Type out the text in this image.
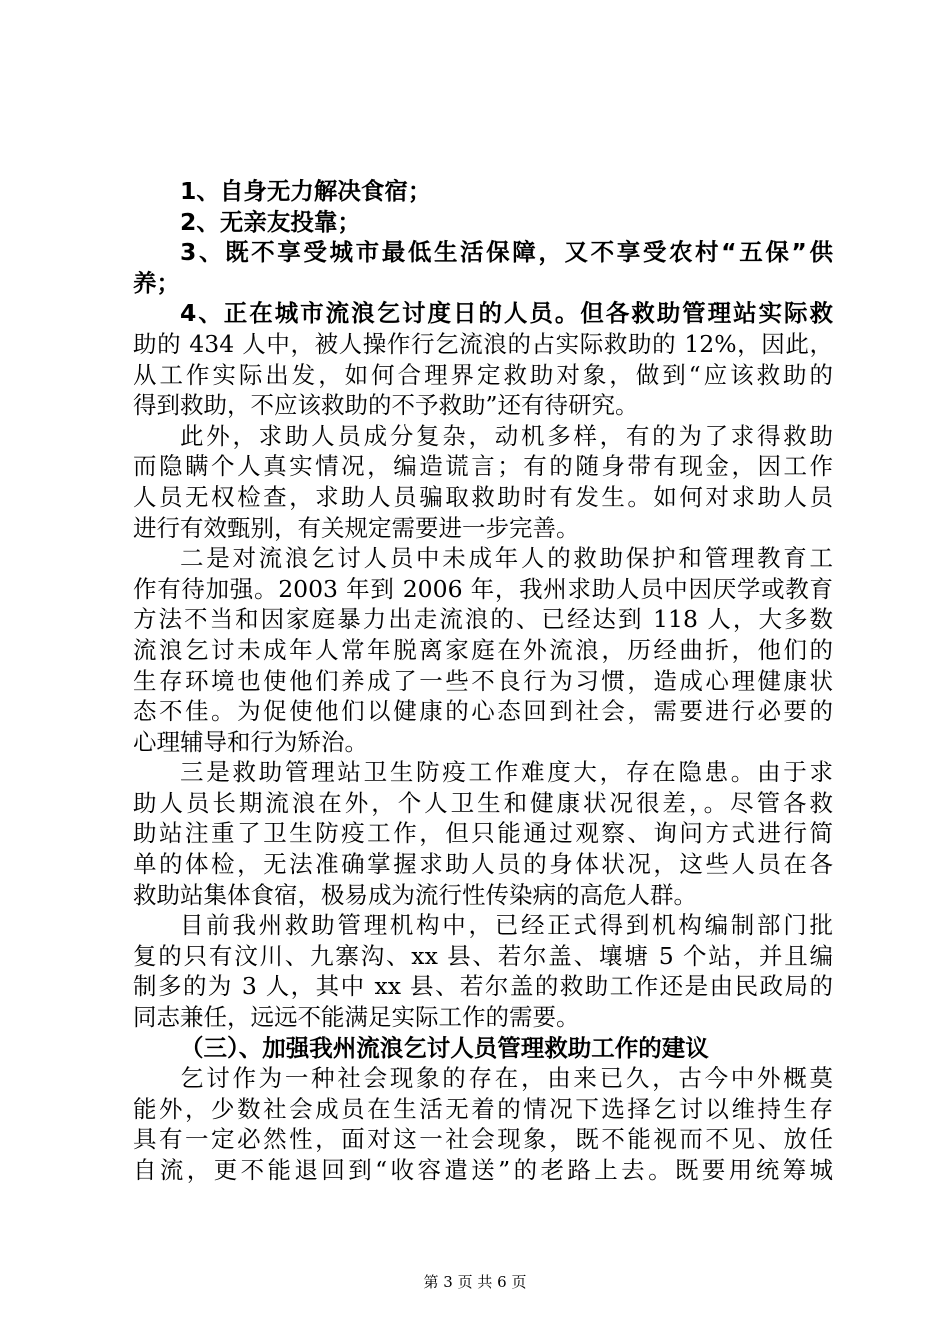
1、自身无力解决食宿；
2、无亲友投靠；
3、既不享受城市最低生活保障，又不享受农村“五保”供
养；
4、正在城市流浪乞讨度日的人员。但各救助管理站实际救
助的 434 人中，被人操作行乞流浪的占实际救助的 12%，因此，
从工作实际出发，如何合理界定救助对象，做到“应该救助的
得到救助，不应该救助的不予救助”还有待研究。
此外，求助人员成分复杂，动机多样，有的为了求得救助
而隐瞒个人真实情况，编造谎言；有的随身带有现金，因工作
人员无权检查，求助人员骗取救助时有发生。如何对求助人员
进行有效甄别，有关规定需要进一步完善。
二是对流浪乞讨人员中未成年人的救助保护和管理教育工
作有待加强。2003 年到 2006 年，我州求助人员中因厌学或教育
方法不当和因家庭暴力出走流浪的、已经达到 118 人，大多数
流浪乞讨未成年人常年脱离家庭在外流浪，历经曲折，他们的
生存环境也使他们养成了一些不良行为习惯，造成心理健康状
态不佳。为促使他们以健康的心态回到社会，需要进行必要的
心理辅导和行为矫治。
三是救助管理站卫生防疫工作难度大，存在隐患。由于求
助人员长期流浪在外，个人卫生和健康状况很差，。尽管各救
助站注重了卫生防疫工作，但只能通过观察、询问方式进行简
单的体检，无法准确掌握求助人员的身体状况，这些人员在各
救助站集体食宿，极易成为流行性传染病的高危人群。
目前我州救助管理机构中，已经正式得到机构编制部门批
复的只有汶川、九寨沟、xx 县、若尔盖、壤塘 5 个站，并且编
制多的为 3 人，其中 xx 县、若尔盖的救助工作还是由民政局的
同志兼任，远远不能满足实际工作的需要。
（三）、加强我州流浪乞讨人员管理救助工作的建议
乞讨作为一种社会现象的存在，由来已久，古今中外概莫
能外，少数社会成员在生活无着的情况下选择乞讨以维持生存
具有一定必然性，面对这一社会现象，既不能视而不见、放任
自流，更不能退回到“收容遣送”的老路上去。既要用统筹城
第 3 页 共 6 页
